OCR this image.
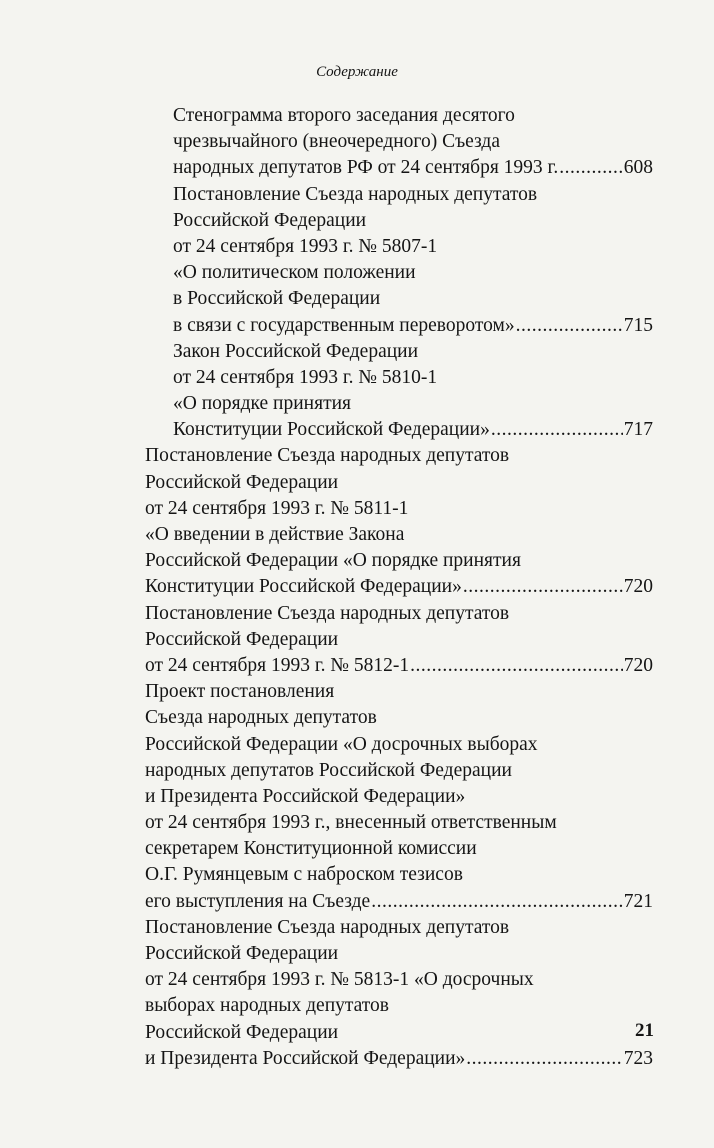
Содержание
Стенограмма второго заседания десятого
чрезвычайного (внеочередного) Съезда
народных депутатов РФ от 24 сентября 1993 г. .....	608
Постановление Съезда народных депутатов
Российской Федерации
от 24 сентября 1993 г. № 5807-1
«О политическом положении
в Российской Федерации
в связи с государственным переворотом» .....	715
Закон Российской Федерации
от 24 сентября 1993 г. № 5810-1
«О порядке принятия
Конституции Российской Федерации» .....	717
Постановление Съезда народных депутатов
Российской Федерации
от 24 сентября 1993 г. № 5811-1
«О введении в действие Закона
Российской Федерации «О порядке принятия
Конституции Российской Федерации» .....	720
Постановление Съезда народных депутатов
Российской Федерации
от 24 сентября 1993 г. № 5812-1 .....	720
Проект постановления
Съезда народных депутатов
Российской Федерации «О досрочных выборах
народных депутатов Российской Федерации
и Президента Российской Федерации»
от 24 сентября 1993 г., внесенный ответственным
секретарем Конституционной комиссии
О.Г. Румянцевым с наброском тезисов
его выступления на Съезде .....	721
Постановление Съезда народных депутатов
Российской Федерации
от 24 сентября 1993 г. № 5813-1 «О досрочных
выборах народных депутатов
Российской Федерации
и Президента Российской Федерации» .....	723
21
